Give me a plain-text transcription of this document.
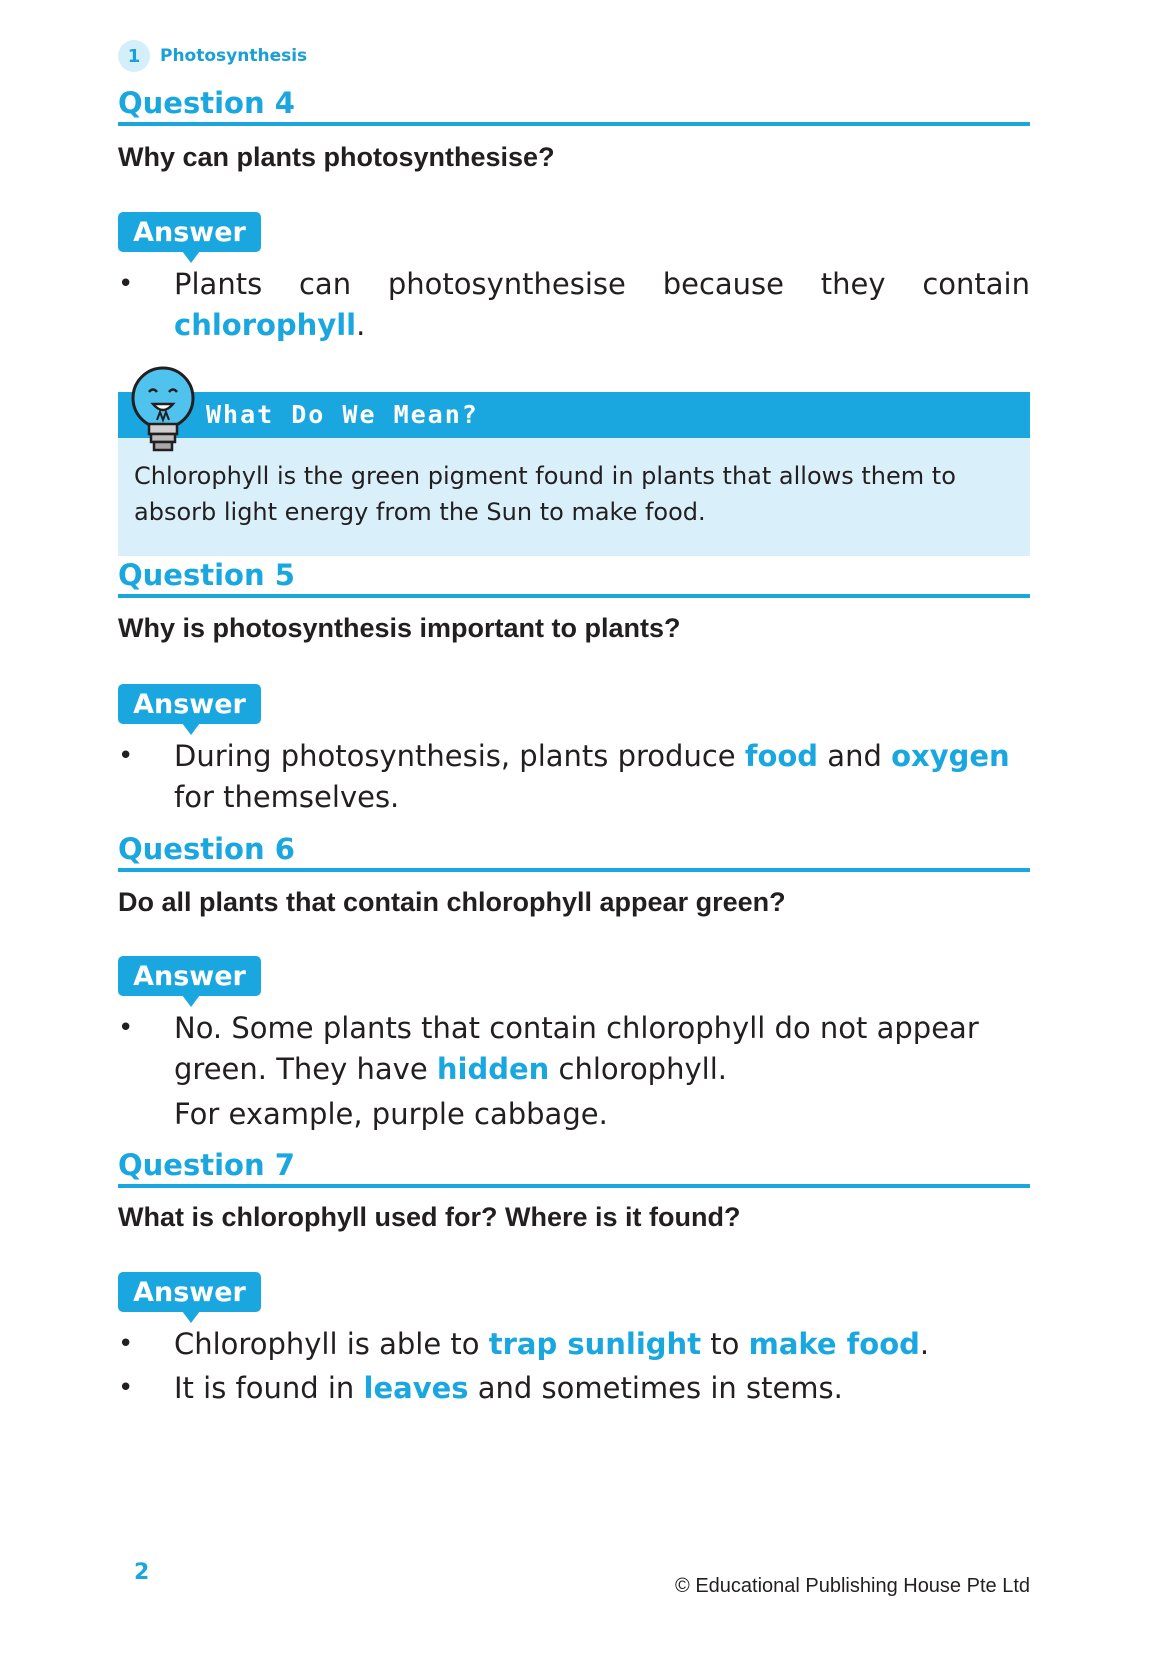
1	Photosynthesis
Question 4
Why can plants photosynthesise?
Answer
•	Plants can photosynthesise because they contain chlorophyll.
What Do We Mean?
Chlorophyll is the green pigment found in plants that allows them to absorb light energy from the Sun to make food.
Question 5
Why is photosynthesis important to plants?
Answer
•	During photosynthesis, plants produce food and oxygen for themselves.
Question 6
Do all plants that contain chlorophyll appear green?
Answer
•	No. Some plants that contain chlorophyll do not appear green. They have hidden chlorophyll.
For example, purple cabbage.
Question 7
What is chlorophyll used for? Where is it found?
Answer
•	Chlorophyll is able to trap sunlight to make food.
•	It is found in leaves and sometimes in stems.
2
© Educational Publishing House Pte Ltd
